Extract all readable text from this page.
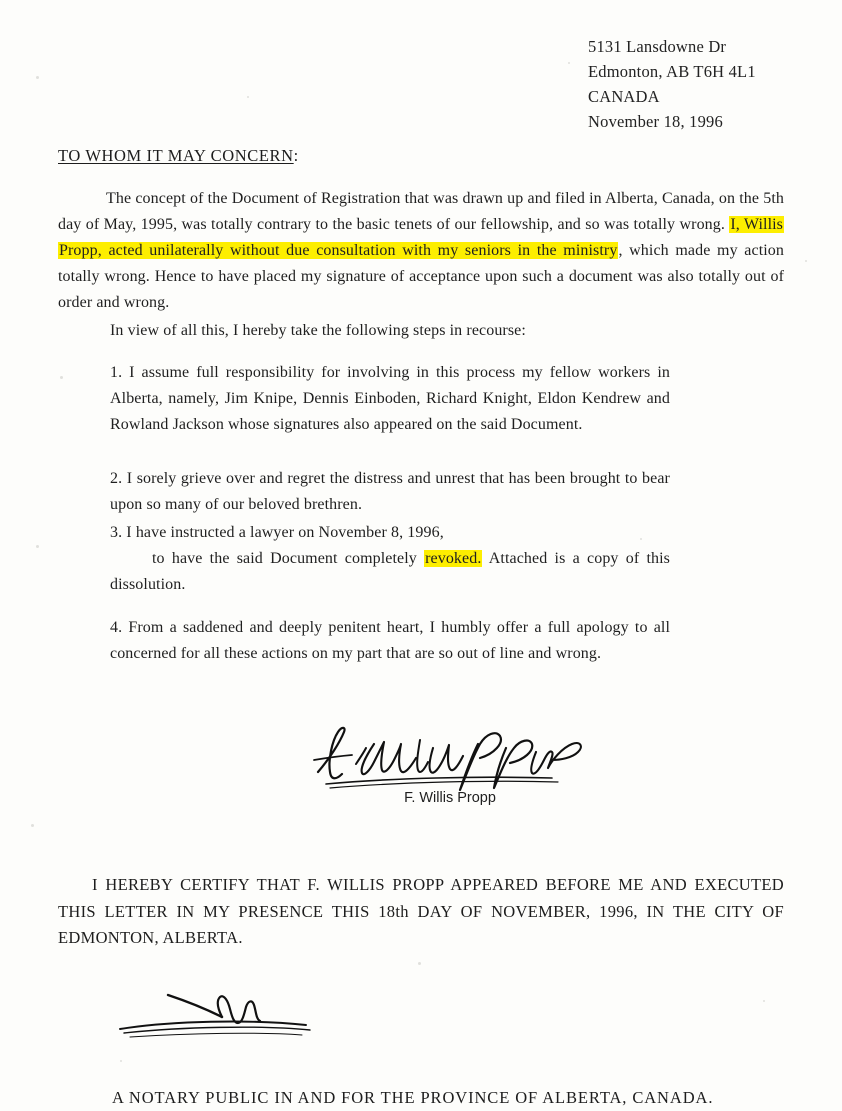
5131 Lansdowne Dr
Edmonton, AB T6H 4L1
CANADA
November 18, 1996
TO WHOM IT MAY CONCERN:
The concept of the Document of Registration that was drawn up and filed in Alberta, Canada, on the 5th day of May, 1995, was totally contrary to the basic tenets of our fellowship, and so was totally wrong. I, Willis Propp, acted unilaterally without due consultation with my seniors in the ministry, which made my action totally wrong. Hence to have placed my signature of acceptance upon such a document was also totally out of order and wrong.
In view of all this, I hereby take the following steps in recourse:
1. I assume full responsibility for involving in this process my fellow workers in Alberta, namely, Jim Knipe, Dennis Einboden, Richard Knight, Eldon Kendrew and Rowland Jackson whose signatures also appeared on the said Document.
2. I sorely grieve over and regret the distress and unrest that has been brought to bear upon so many of our beloved brethren.
3. I have instructed a lawyer on November 8, 1996,
to have the said Document completely revoked. Attached is a copy of this dissolution.
4. From a saddened and deeply penitent heart, I humbly offer a full apology to all concerned for all these actions on my part that are so out of line and wrong.
F. Willis Propp
I HEREBY CERTIFY THAT F. WILLIS PROPP APPEARED BEFORE ME AND EXECUTED THIS LETTER IN MY PRESENCE THIS 18th DAY OF NOVEMBER, 1996, IN THE CITY OF EDMONTON, ALBERTA.
A NOTARY PUBLIC IN AND FOR THE PROVINCE OF ALBERTA, CANADA.
